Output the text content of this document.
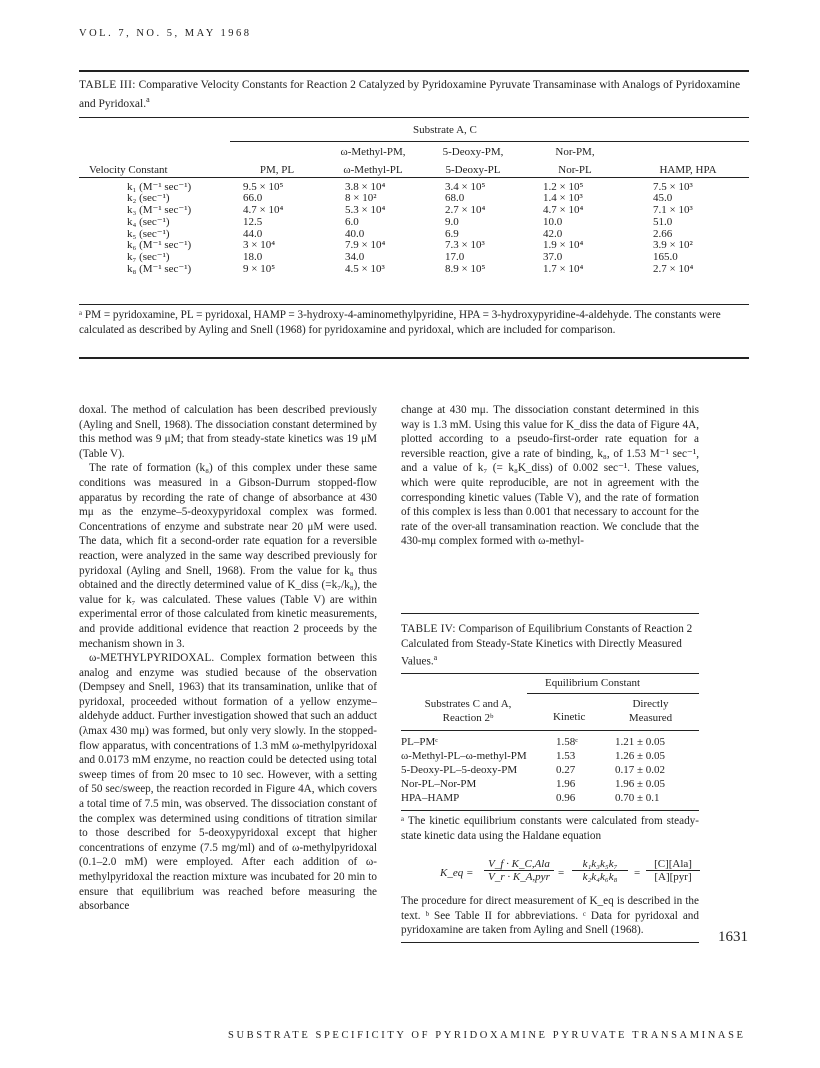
VOL. 7, NO. 5, MAY 1968
TABLE III: Comparative Velocity Constants for Reaction 2 Catalyzed by Pyridoxamine Pyruvate Transaminase with Analogs of Pyridoxamine and Pyridoxal.$^a$
Substrate A, C
		ω-Methyl-PM,	5-Deoxy-PM,	Nor-PM,	
Velocity Constant	PM, PL	ω-Methyl-PL	5-Deoxy-PL	Nor-PL	HAMP, HPA

k₁ (M⁻¹ sec⁻¹)	9.5 × 10⁵	3.8 × 10⁴	3.4 × 10⁵	1.2 × 10⁵	7.5 × 10³
k₂ (sec⁻¹)	66.0	8 × 10²	68.0	1.4 × 10³	45.0
k₃ (M⁻¹ sec⁻¹)	4.7 × 10⁴	5.3 × 10⁴	2.7 × 10⁴	4.7 × 10⁴	7.1 × 10³
k₄ (sec⁻¹)	12.5	6.0	9.0	10.0	51.0
k₅ (sec⁻¹)	44.0	40.0	6.9	42.0	2.66
k₆ (M⁻¹ sec⁻¹)	3 × 10⁴	7.9 × 10⁴	7.3 × 10³	1.9 × 10⁴	3.9 × 10²
k₇ (sec⁻¹)	18.0	34.0	17.0	37.0	165.0
k₈ (M⁻¹ sec⁻¹)	9 × 10⁵	4.5 × 10³	8.9 × 10⁵	1.7 × 10⁴	2.7 × 10⁴
ᵃ PM = pyridoxamine, PL = pyridoxal, HAMP = 3-hydroxy-4-aminomethylpyridine, HPA = 3-hydroxypyridine-4-aldehyde. The constants were calculated as described by Ayling and Snell (1968) for pyridoxamine and pyridoxal, which are included for comparison.
doxal. The method of calculation has been described previously (Ayling and Snell, 1968). The dissociation constant determined by this method was 9 μM; that from steady-state kinetics was 19 μM (Table V).
The rate of formation (k₈) of this complex under these same conditions was measured in a Gibson-Durrum stopped-flow apparatus by recording the rate of change of absorbance at 430 mμ as the enzyme–5-deoxypyridoxal complex was formed. Concentrations of enzyme and substrate near 20 μM were used. The data, which fit a second-order rate equation for a reversible reaction, were analyzed in the same way described previously for pyridoxal (Ayling and Snell, 1968). From the value for k₈ thus obtained and the directly determined value of K_diss (=k₇/k₈), the value for k₇ was calculated. These values (Table V) are within experimental error of those calculated from kinetic measurements, and provide additional evidence that reaction 2 proceeds by the mechanism shown in 3.
ω-METHYLPYRIDOXAL. Complex formation between this analog and enzyme was studied because of the observation (Dempsey and Snell, 1963) that its transamination, unlike that of pyridoxal, proceeded without formation of a yellow enzyme–aldehyde adduct. Further investigation showed that such an adduct (λmax 430 mμ) was formed, but only very slowly. In the stopped-flow apparatus, with concentrations of 1.3 mM ω-methylpyridoxal and 0.0173 mM enzyme, no reaction could be detected using total sweep times of from 20 msec to 10 sec. However, with a setting of 50 sec/sweep, the reaction recorded in Figure 4A, which covers a total time of 7.5 min, was observed. The dissociation constant of the complex was determined using conditions of titration similar to those described for 5-deoxypyridoxal except that higher concentrations of enzyme (7.5 mg/ml) and of ω-methylpyridoxal (0.1–2.0 mM) were employed. After each addition of ω-methylpyridoxal the reaction mixture was incubated for 20 min to ensure that equilibrium was reached before measuring the absorbance
change at 430 mμ. The dissociation constant determined in this way is 1.3 mM. Using this value for K_diss the data of Figure 4A, plotted according to a pseudo-first-order rate equation for a reversible reaction, give a rate of binding, k₈, of 1.53 M⁻¹ sec⁻¹, and a value of k₇ (= k₈K_diss) of 0.002 sec⁻¹. These values, which were quite reproducible, are not in agreement with the corresponding kinetic values (Table V), and the rate of formation of this complex is less than 0.001 that necessary to account for the rate of the over-all transamination reaction. We conclude that the 430-mμ complex formed with ω-methyl-
TABLE IV: Comparison of Equilibrium Constants of Reaction 2 Calculated from Steady-State Kinetics with Directly Measured Values.$^a$
Equilibrium Constant
Substrates C and A,
Reaction 2ᵇ	Kinetic
Directly
Measured
PL–PMᶜ	1.58ᶜ	1.21 ± 0.05
ω-Methyl-PL–ω-methyl-PM	1.53	1.26 ± 0.05
5-Deoxy-PL–5-deoxy-PM	0.27	0.17 ± 0.02
Nor-PL–Nor-PM	1.96	1.96 ± 0.05
HPA–HAMP	0.96	0.70 ± 0.1
ᵃ The kinetic equilibrium constants were calculated from steady-state kinetic data using the Haldane equation
K_eq =
V_f · K_C,Ala
V_r · K_A,pyr = $\frac{\text{k₁k₃k₅k₇}}{\text{k₂k₄k₆k₈}}$ =
[C][Ala]
[A][pyr]
The procedure for direct measurement of K_eq is described in the text. ᵇ See Table II for abbreviations. ᶜ Data for pyridoxal and pyridoxamine are taken from Ayling and Snell (1968).	1631
SUBSTRATE SPECIFICITY OF PYRIDOXAMINE PYRUVATE TRANSAMINASE
